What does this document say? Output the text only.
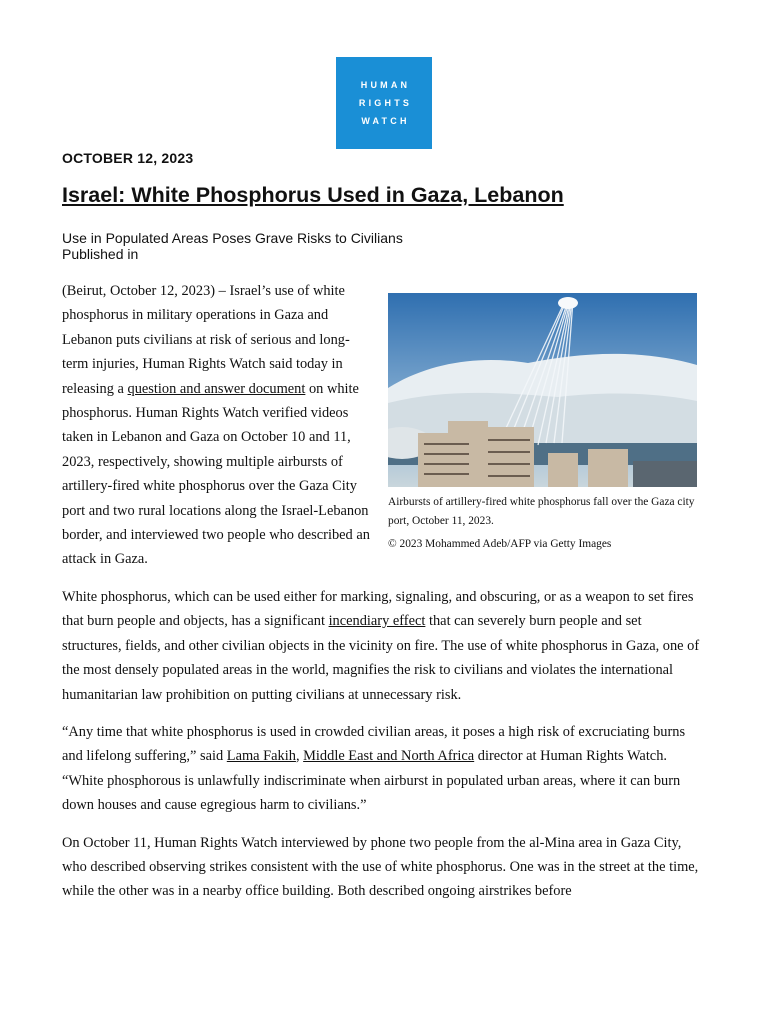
HUMAN
RIGHTS
WATCH
OCTOBER 12, 2023
Israel: White Phosphorus Used in Gaza, Lebanon
Use in Populated Areas Poses Grave Risks to Civilians
Published in
Airbursts of artillery-fired white phosphorus fall over the Gaza city port, October 11, 2023.
© 2023 Mohammed Adeb/AFP via Getty Images

(Beirut, October 12, 2023) – Israel’s use of white phosphorus in military operations in Gaza and Lebanon puts civilians at risk of serious and long-term injuries, Human Rights Watch said today in releasing a question and answer document on white phosphorus. Human Rights Watch verified videos taken in Lebanon and Gaza on October 10 and 11, 2023, respectively, showing multiple airbursts of artillery-fired white phosphorus over the Gaza City port and two rural locations along the Israel-Lebanon border, and interviewed two people who described an attack in Gaza.

White phosphorus, which can be used either for marking, signaling, and obscuring, or as a weapon to set fires that burn people and objects, has a significant incendiary effect that can severely burn people and set structures, fields, and other civilian objects in the vicinity on fire. The use of white phosphorus in Gaza, one of the most densely populated areas in the world, magnifies the risk to civilians and violates the international humanitarian law prohibition on putting civilians at unnecessary risk.

“Any time that white phosphorus is used in crowded civilian areas, it poses a high risk of excruciating burns and lifelong suffering,” said Lama Fakih, Middle East and North Africa director at Human Rights Watch. “White phosphorous is unlawfully indiscriminate when airburst in populated urban areas, where it can burn down houses and cause egregious harm to civilians.”

On October 11, Human Rights Watch interviewed by phone two people from the al-Mina area in Gaza City, who described observing strikes consistent with the use of white phosphorus. One was in the street at the time, while the other was in a nearby office building. Both described ongoing airstrikes before
